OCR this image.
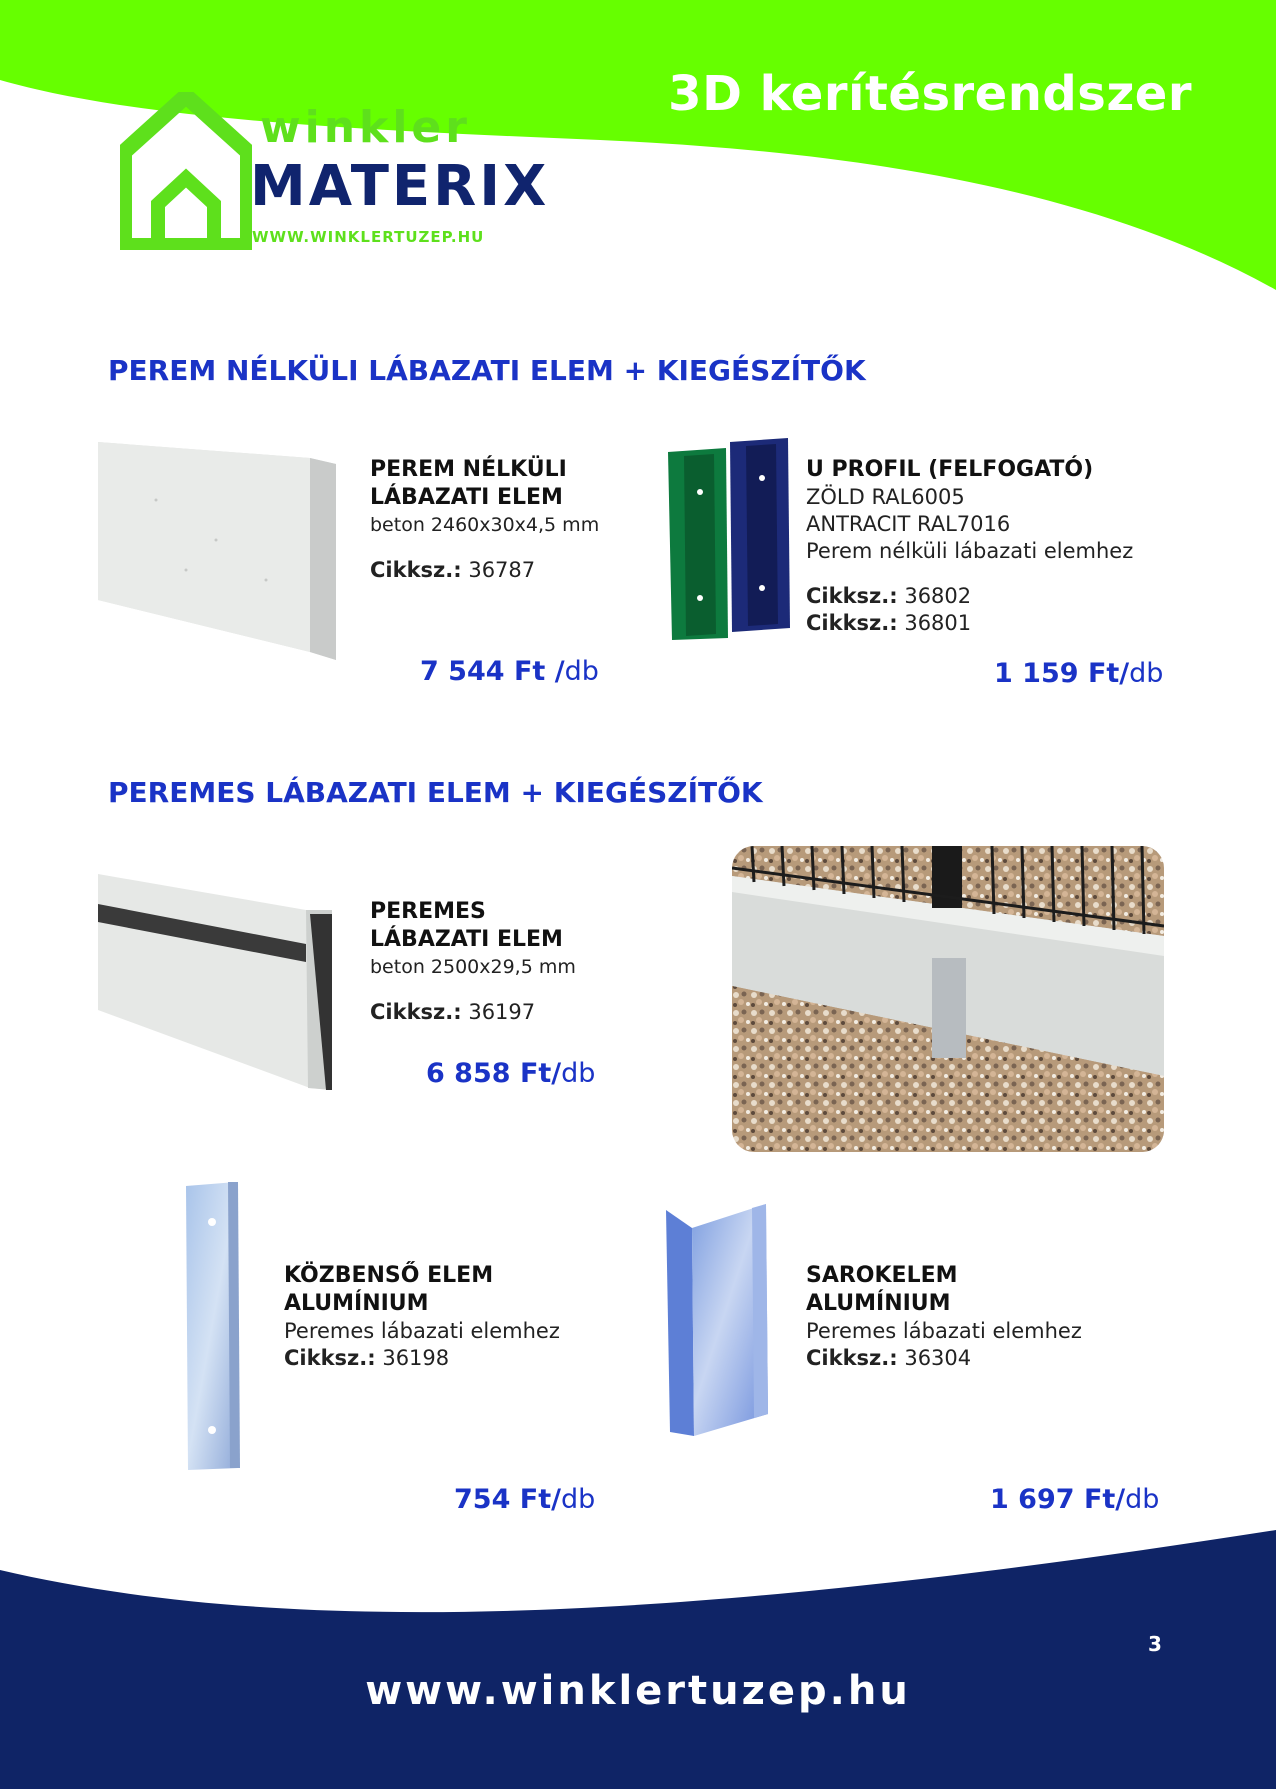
3D kerítésrendszer
winkler
MATERIX
WWW.WINKLERTUZEP.HU
PEREM NÉLKÜLI LÁBAZATI ELEM + KIEGÉSZÍTŐK
PEREM NÉLKÜLI
LÁBAZATI ELEM
beton 2460x30x4,5 mm
Cikksz.: 36787
7 544 Ft /db
U PROFIL (FELFOGATÓ)
ZÖLD RAL6005
ANTRACIT RAL7016
Perem nélküli lábazati elemhez
Cikksz.: 36802
Cikksz.: 36801
1 159 Ft/db
PEREMES LÁBAZATI ELEM + KIEGÉSZÍTŐK
PEREMES
LÁBAZATI ELEM
beton 2500x29,5 mm
Cikksz.: 36197
6 858 Ft/db
KÖZBENSŐ ELEM
ALUMÍNIUM
Peremes lábazati elemhez
Cikksz.: 36198
754 Ft/db
SAROKELEM
ALUMÍNIUM
Peremes lábazati elemhez
Cikksz.: 36304
1 697 Ft/db
3
www.winklertuzep.hu
